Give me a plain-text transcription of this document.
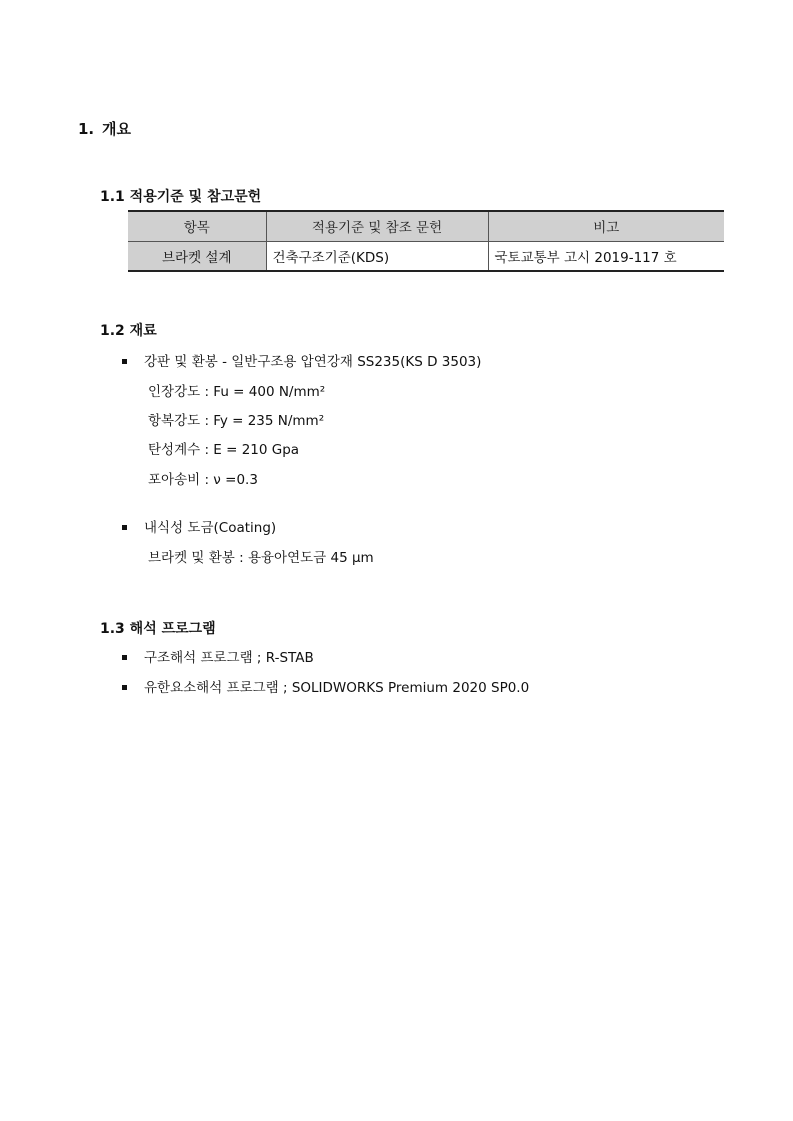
1. 개요
1.1 적용기준 및 참고문헌
항목	적용기준 및 참조 문헌	비고
브라켓 설계	건축구조기준(KDS)	국토교통부 고시 2019-117 호
1.2 재료
강판 및 환봉 - 일반구조용 압연강재 SS235(KS D 3503)
인장강도 : Fu = 400 N/mm²
항복강도 : Fy = 235 N/mm²
탄성계수 : E = 210 Gpa
포아송비 : ν =0.3
내식성 도금(Coating)
브라켓 및 환봉 : 용융아연도금 45 μm
1.3 해석 프로그램
구조해석 프로그램 ; R-STAB
유한요소해석 프로그램 ; SOLIDWORKS Premium 2020 SP0.0
